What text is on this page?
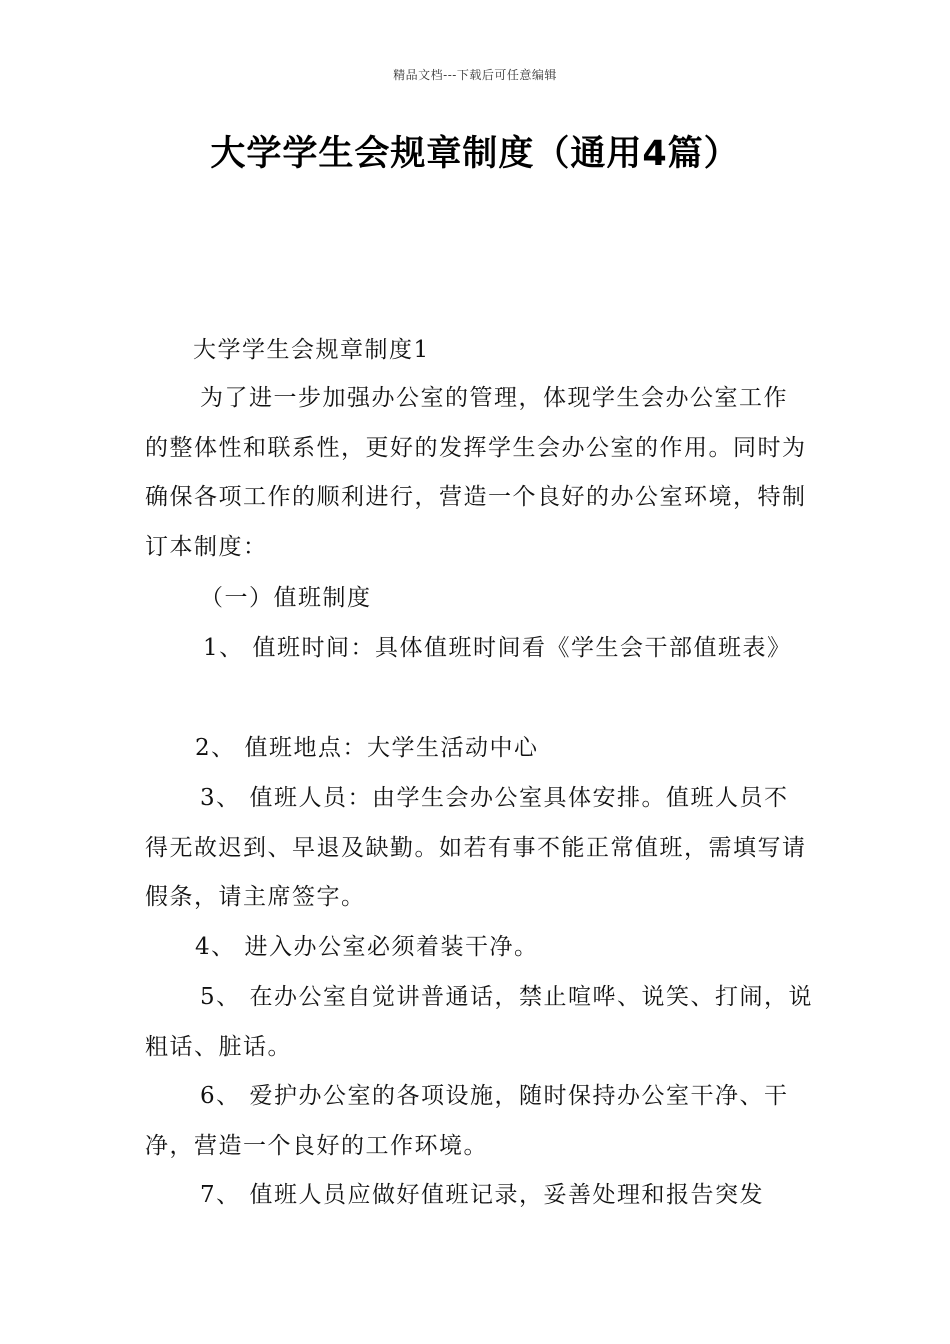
精品文档---下载后可任意编辑
大学学生会规章制度（通用4篇）

大学学生会规章制度1

为了进一步加强办公室的管理，体现学生会办公室工作的整体性和联系性，更好的发挥学生会办公室的作用。同时为确保各项工作的顺利进行，营造一个良好的办公室环境，特制订本制度：

（一）值班制度

1、 值班时间：具体值班时间看《学生会干部值班表》

2、 值班地点：大学生活动中心

3、 值班人员：由学生会办公室具体安排。值班人员不得无故迟到、早退及缺勤。如若有事不能正常值班，需填写请假条，请主席签字。

4、 进入办公室必须着装干净。

5、 在办公室自觉讲普通话，禁止喧哗、说笑、打闹，说粗话、脏话。

6、 爱护办公室的各项设施，随时保持办公室干净、干净，营造一个良好的工作环境。

7、 值班人员应做好值班记录，妥善处理和报告突发
